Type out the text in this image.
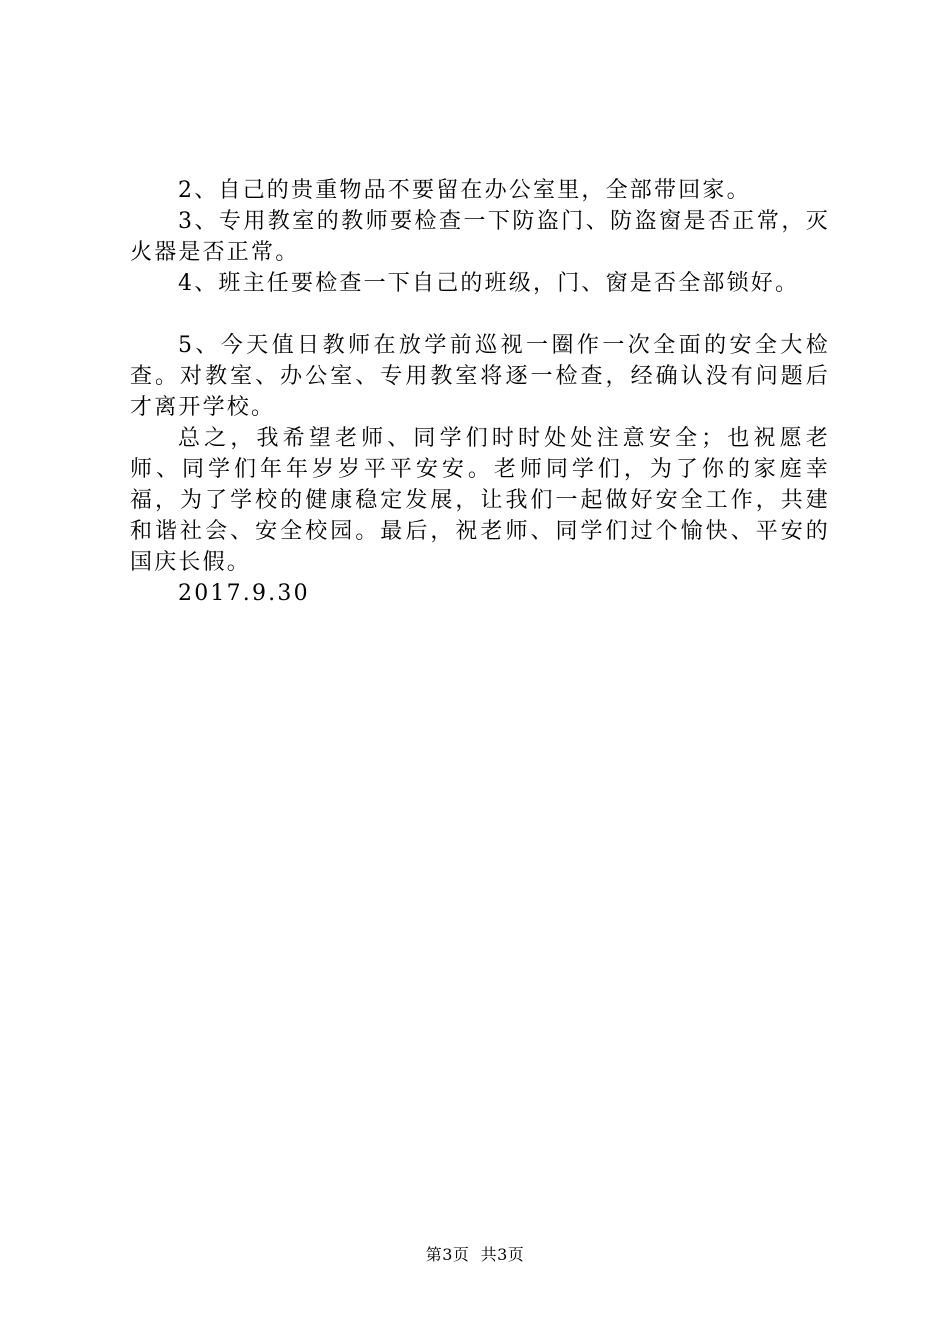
2、自己的贵重物品不要留在办公室里，全部带回家。

3、专用教室的教师要检查一下防盗门、防盗窗是否正常，灭火器是否正常。

4、班主任要检查一下自己的班级，门、窗是否全部锁好。

5、今天值日教师在放学前巡视一圈作一次全面的安全大检查。对教室、办公室、专用教室将逐一检查，经确认没有问题后才离开学校。

总之，我希望老师、同学们时时处处注意安全；也祝愿老师、同学们年年岁岁平平安安。老师同学们，为了你的家庭幸福，为了学校的健康稳定发展，让我们一起做好安全工作，共建和谐社会、安全校园。最后，祝老师、同学们过个愉快、平安的国庆长假。

2017.9.30

第3页  共3页
